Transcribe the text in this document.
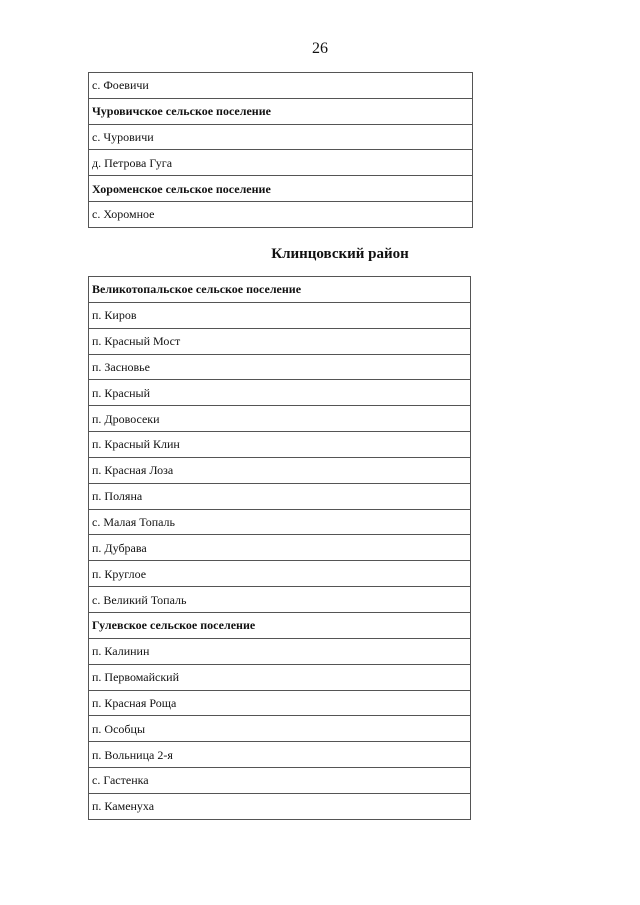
26
с. Фоевичи
Чуровичское сельское поселение
с. Чуровичи
д. Петрова Гуга
Хороменское сельское поселение
с. Хоромное
Клинцовский район
Великотопальское сельское поселение
п. Киров
п. Красный Мост
п. Засновье
п. Красный
п. Дровосеки
п. Красный Клин
п. Красная Лоза
п. Поляна
с. Малая Топаль
п. Дубрава
п. Круглое
с. Великий Топаль
Гулевское сельское поселение
п. Калинин
п. Первомайский
п. Красная Роща
п. Особцы
п. Вольница 2-я
с. Гастенка
п. Каменуха
